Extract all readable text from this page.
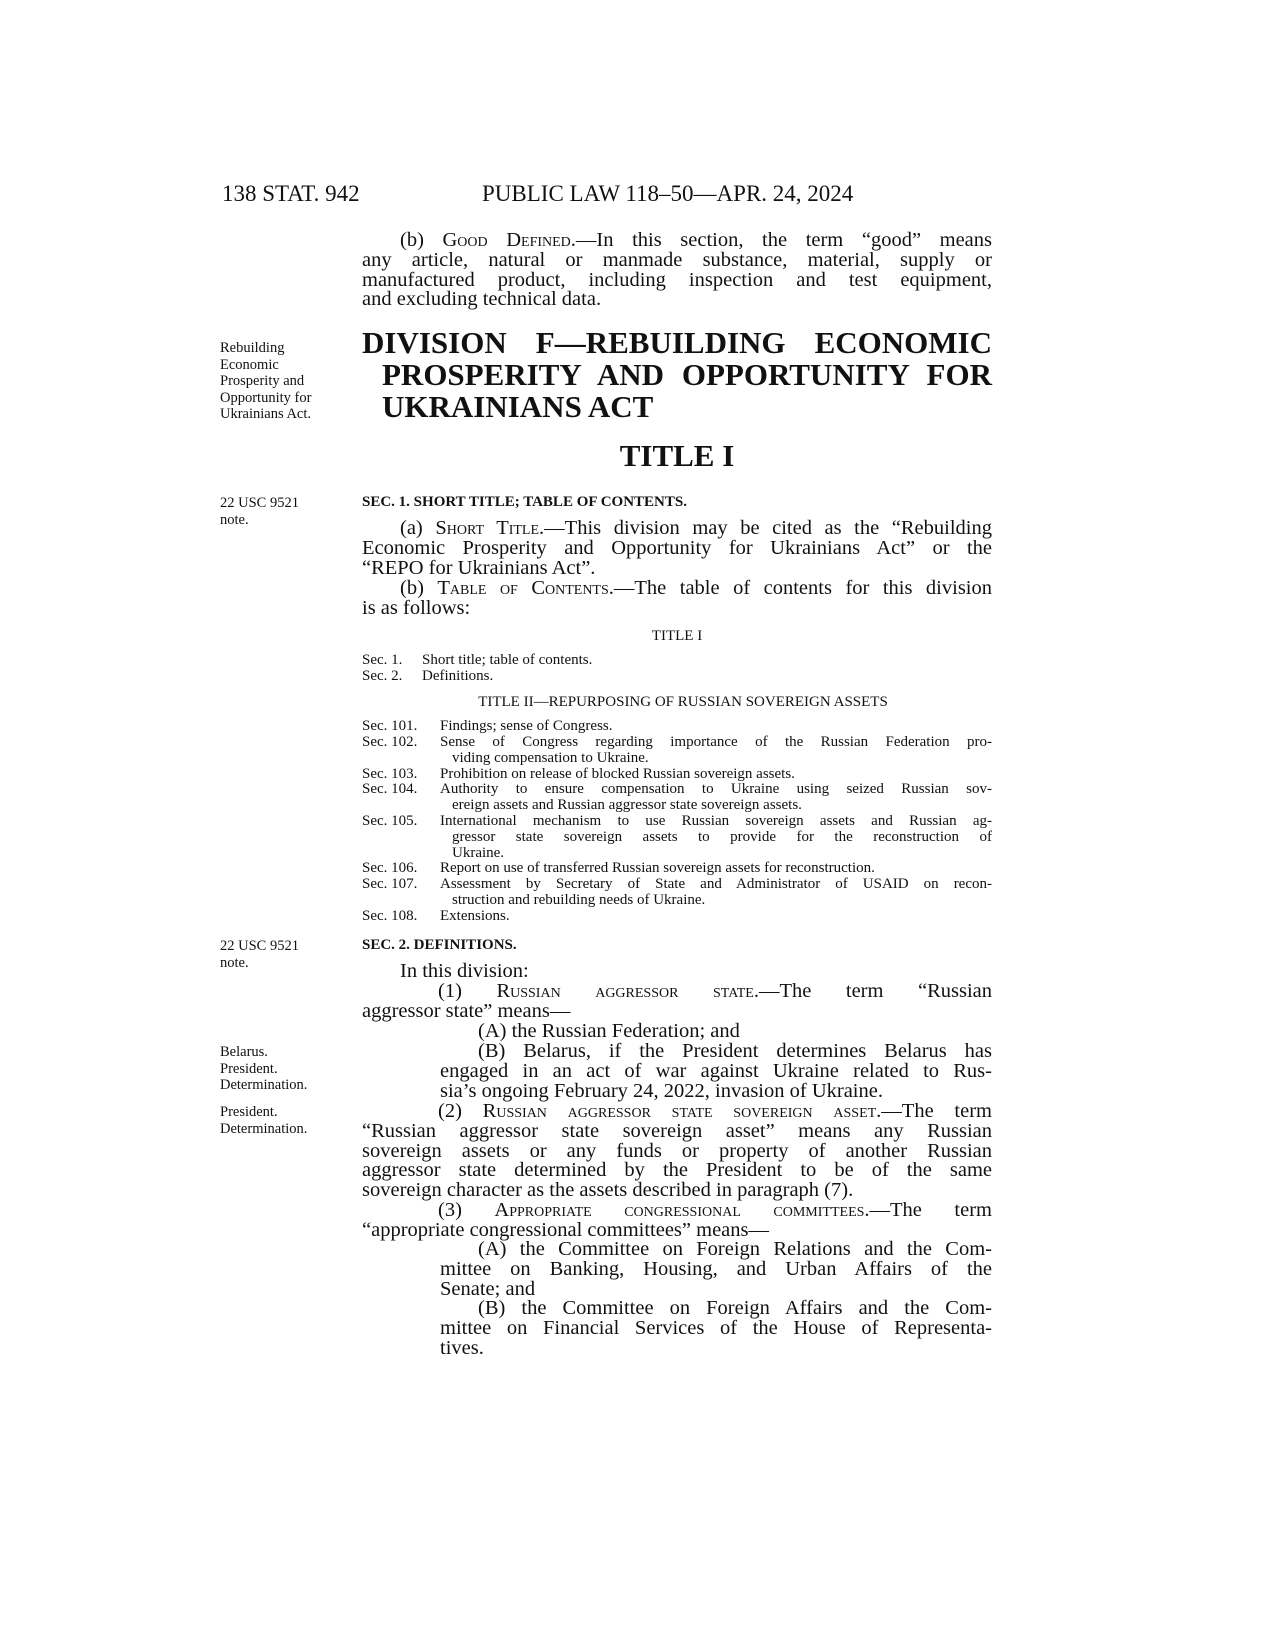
138 STAT. 942	PUBLIC LAW 118–50—APR. 24, 2024
Rebuilding
Economic
Prosperity and
Opportunity for
Ukrainians Act.
22 USC 9521
note.
22 USC 9521
note.
Belarus.
President.
Determination.
President.
Determination.
(b) Good Defined.—In this section, the term “good” means
any article, natural or manmade substance, material, supply or
manufactured product, including inspection and test equipment,
and excluding technical data.
DIVISION F—REBUILDING ECONOMIC
PROSPERITY AND OPPORTUNITY FOR
UKRAINIANS ACT
TITLE I
SEC. 1. SHORT TITLE; TABLE OF CONTENTS.
(a) Short Title.—This division may be cited as the “Rebuilding
Economic Prosperity and Opportunity for Ukrainians Act” or the
“REPO for Ukrainians Act”.
(b) Table of Contents.—The table of contents for this division
is as follows:
TITLE I
Sec. 1. Short title; table of contents.
Sec. 2. Definitions.
TITLE II—REPURPOSING OF RUSSIAN SOVEREIGN ASSETS
Sec. 101. Findings; sense of Congress.
Sec. 102. Sense of Congress regarding importance of the Russian Federation pro-
viding compensation to Ukraine.
Sec. 103. Prohibition on release of blocked Russian sovereign assets.
Sec. 104. Authority to ensure compensation to Ukraine using seized Russian sov-
ereign assets and Russian aggressor state sovereign assets.
Sec. 105. International mechanism to use Russian sovereign assets and Russian ag-
gressor state sovereign assets to provide for the reconstruction of
Ukraine.
Sec. 106. Report on use of transferred Russian sovereign assets for reconstruction.
Sec. 107. Assessment by Secretary of State and Administrator of USAID on recon-
struction and rebuilding needs of Ukraine.
Sec. 108. Extensions.
SEC. 2. DEFINITIONS.
In this division:
(1) Russian aggressor state.—The term “Russian
aggressor state” means—
(A) the Russian Federation; and
(B) Belarus, if the President determines Belarus has
engaged in an act of war against Ukraine related to Rus-
sia’s ongoing February 24, 2022, invasion of Ukraine.
(2) Russian aggressor state sovereign asset.—The term
“Russian aggressor state sovereign asset” means any Russian
sovereign assets or any funds or property of another Russian
aggressor state determined by the President to be of the same
sovereign character as the assets described in paragraph (7).
(3) Appropriate congressional committees.—The term
“appropriate congressional committees” means—
(A) the Committee on Foreign Relations and the Com-
mittee on Banking, Housing, and Urban Affairs of the
Senate; and
(B) the Committee on Foreign Affairs and the Com-
mittee on Financial Services of the House of Representa-
tives.
